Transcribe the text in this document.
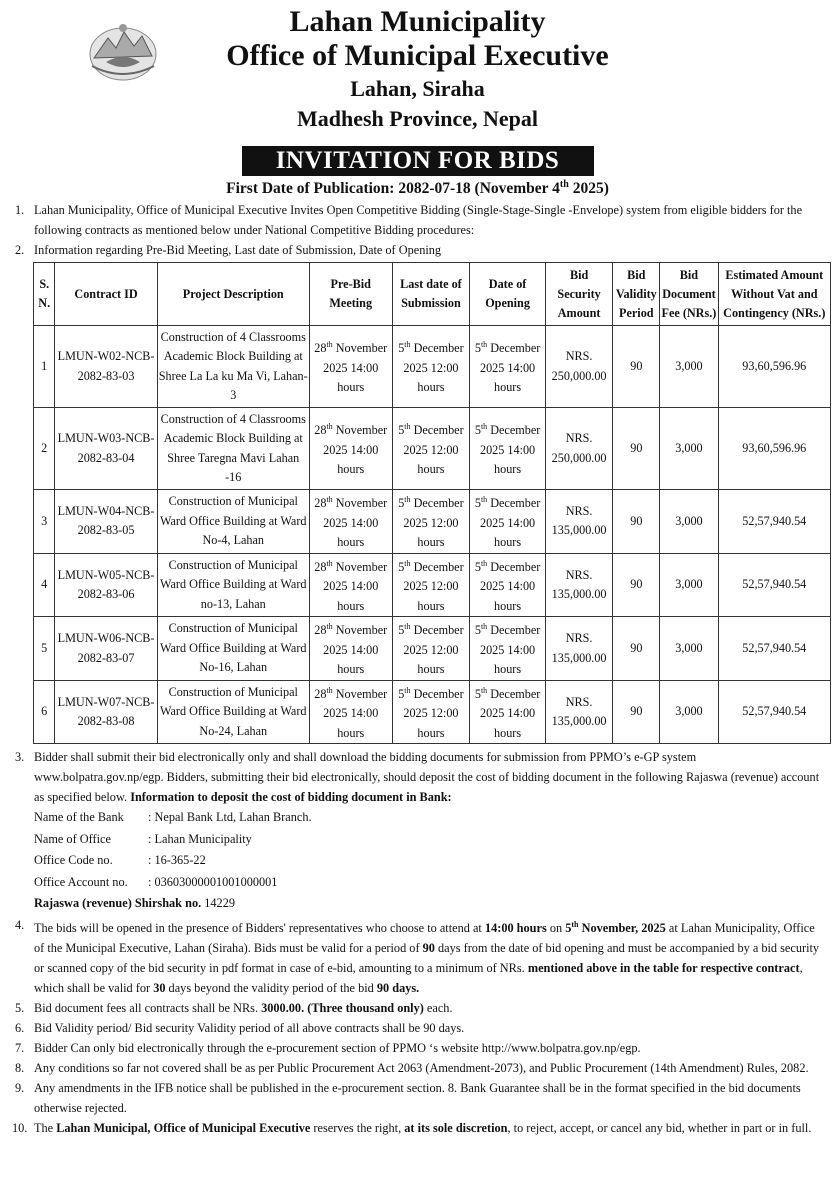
Lahan Municipality
Office of Municipal Executive
Lahan, Siraha
Madhesh Province, Nepal
INVITATION FOR BIDS
First Date of Publication: 2082-07-18 (November 4th 2025)
1. Lahan Municipality, Office of Municipal Executive Invites Open Competitive Bidding (Single-Stage-Single -Envelope) system from eligible bidders for the following contracts as mentioned below under National Competitive Bidding procedures:
2. Information regarding Pre-Bid Meeting, Last date of Submission, Date of Opening
S. N.	Contract ID	Project Description	Pre-Bid Meeting	Last date of Submission	Date of Opening	Bid Security Amount	Bid Validity Period	Bid Document Fee (NRs.)	Estimated Amount Without Vat and Contingency (NRs.)
1	LMUN-W02-NCB-2082-83-03	Construction of 4 Classrooms Academic Block Building at Shree La La ku Ma Vi, Lahan-3	28th November 2025 14:00 hours	5th December 2025 12:00 hours	5th December 2025 14:00 hours	NRS. 250,000.00	90	3,000	93,60,596.96
2	LMUN-W03-NCB-2082-83-04	Construction of 4 Classrooms Academic Block Building at Shree Taregna Mavi Lahan -16	28th November 2025 14:00 hours	5th December 2025 12:00 hours	5th December 2025 14:00 hours	NRS. 250,000.00	90	3,000	93,60,596.96
3	LMUN-W04-NCB-2082-83-05	Construction of Municipal Ward Office Building at Ward No-4, Lahan	28th November 2025 14:00 hours	5th December 2025 12:00 hours	5th December 2025 14:00 hours	NRS. 135,000.00	90	3,000	52,57,940.54
4	LMUN-W05-NCB-2082-83-06	Construction of Municipal Ward Office Building at Ward no-13, Lahan	28th November 2025 14:00 hours	5th December 2025 12:00 hours	5th December 2025 14:00 hours	NRS. 135,000.00	90	3,000	52,57,940.54
5	LMUN-W06-NCB-2082-83-07	Construction of Municipal Ward Office Building at Ward No-16, Lahan	28th November 2025 14:00 hours	5th December 2025 12:00 hours	5th December 2025 14:00 hours	NRS. 135,000.00	90	3,000	52,57,940.54
6	LMUN-W07-NCB-2082-83-08	Construction of Municipal Ward Office Building at Ward No-24, Lahan	28th November 2025 14:00 hours	5th December 2025 12:00 hours	5th December 2025 14:00 hours	NRS. 135,000.00	90	3,000	52,57,940.54
3. Bidder shall submit their bid electronically only and shall download the bidding documents for submission from PPMO’s e-GP system www.bolpatra.gov.np/egp. Bidders, submitting their bid electronically, should deposit the cost of bidding document in the following Rajaswa (revenue) account as specified below. Information to deposit the cost of bidding document in Bank:
Name of the Bank : Nepal Bank Ltd, Lahan Branch.
Name of Office	: Lahan Municipality
Office Code no.	: 16-365-22
Office Account no. : 03603000001001000001
Rajaswa (revenue) Shirshak no. 14229
4. The bids will be opened in the presence of Bidders' representatives who choose to attend at 14:00 hours on 5th November, 2025 at Lahan Municipality, Office of the Municipal Executive, Lahan (Siraha). Bids must be valid for a period of 90 days from the date of bid opening and must be accompanied by a bid security or scanned copy of the bid security in pdf format in case of e-bid, amounting to a minimum of NRs. mentioned above in the table for respective contract, which shall be valid for 30 days beyond the validity period of the bid 90 days.
5. Bid document fees all contracts shall be NRs. 3000.00. (Three thousand only) each.
6. Bid Validity period/ Bid security Validity period of all above contracts shall be 90 days.
7. Bidder Can only bid electronically through the e-procurement section of PPMO ‘s website http://www.bolpatra.gov.np/egp.
8. Any conditions so far not covered shall be as per Public Procurement Act 2063 (Amendment-2073), and Public Procurement (14th Amendment) Rules, 2082.
9. Any amendments in the IFB notice shall be published in the e-procurement section. 8. Bank Guarantee shall be in the format specified in the bid documents otherwise rejected.
10. The Lahan Municipal, Office of Municipal Executive reserves the right, at its sole discretion, to reject, accept, or cancel any bid, whether in part or in full.
